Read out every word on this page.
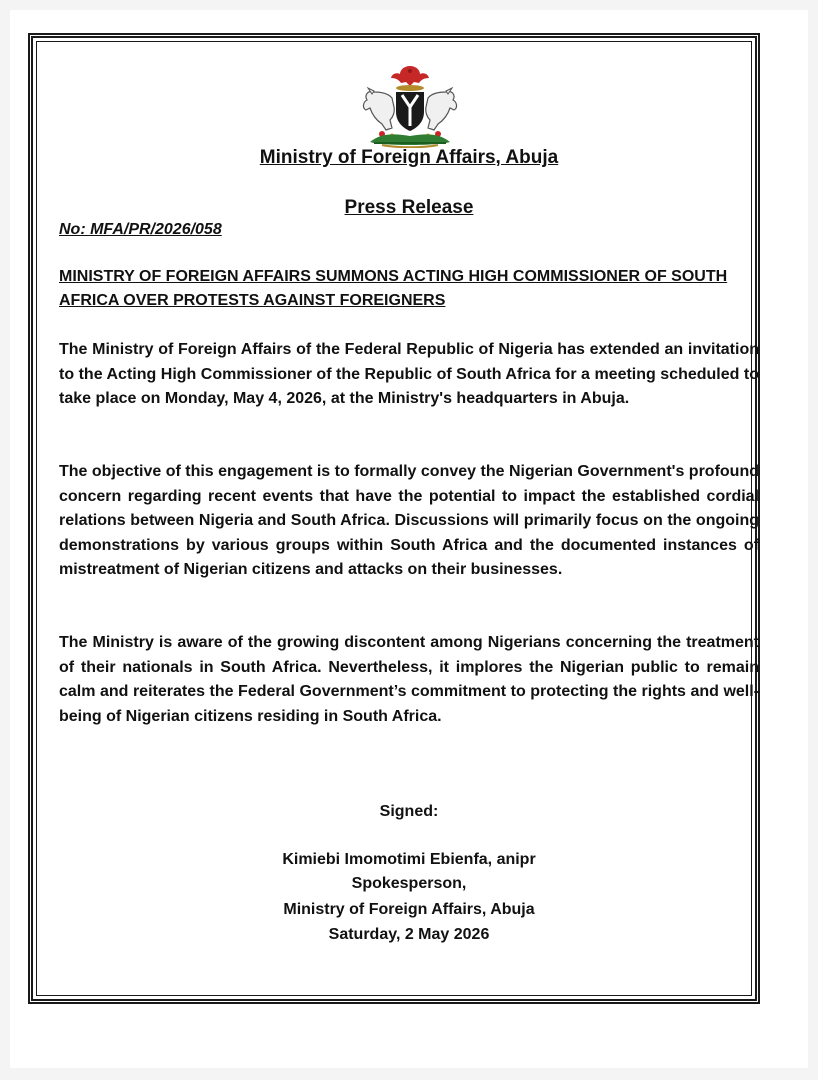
Ministry of Foreign Affairs, Abuja
Press Release
No: MFA/PR/2026/058
MINISTRY OF FOREIGN AFFAIRS SUMMONS ACTING HIGH COMMISSIONER OF SOUTH AFRICA OVER PROTESTS AGAINST FOREIGNERS

The Ministry of Foreign Affairs of the Federal Republic of Nigeria has extended an invitation to the Acting High Commissioner of the Republic of South Africa for a meeting scheduled to take place on Monday, May 4, 2026, at the Ministry's headquarters in Abuja.

The objective of this engagement is to formally convey the Nigerian Government's profound concern regarding recent events that have the potential to impact the established cordial relations between Nigeria and South Africa. Discussions will primarily focus on the ongoing demonstrations by various groups within South Africa and the documented instances of mistreatment of Nigerian citizens and attacks on their businesses.

The Ministry is aware of the growing discontent among Nigerians concerning the treatment of their nationals in South Africa. Nevertheless, it implores the Nigerian public to remain calm and reiterates the Federal Government’s commitment to protecting the rights and well-being of Nigerian citizens residing in South Africa.

Signed:
Kimiebi Imomotimi Ebienfa, anipr
Spokesperson,
Ministry of Foreign Affairs, Abuja
Saturday, 2 May 2026
